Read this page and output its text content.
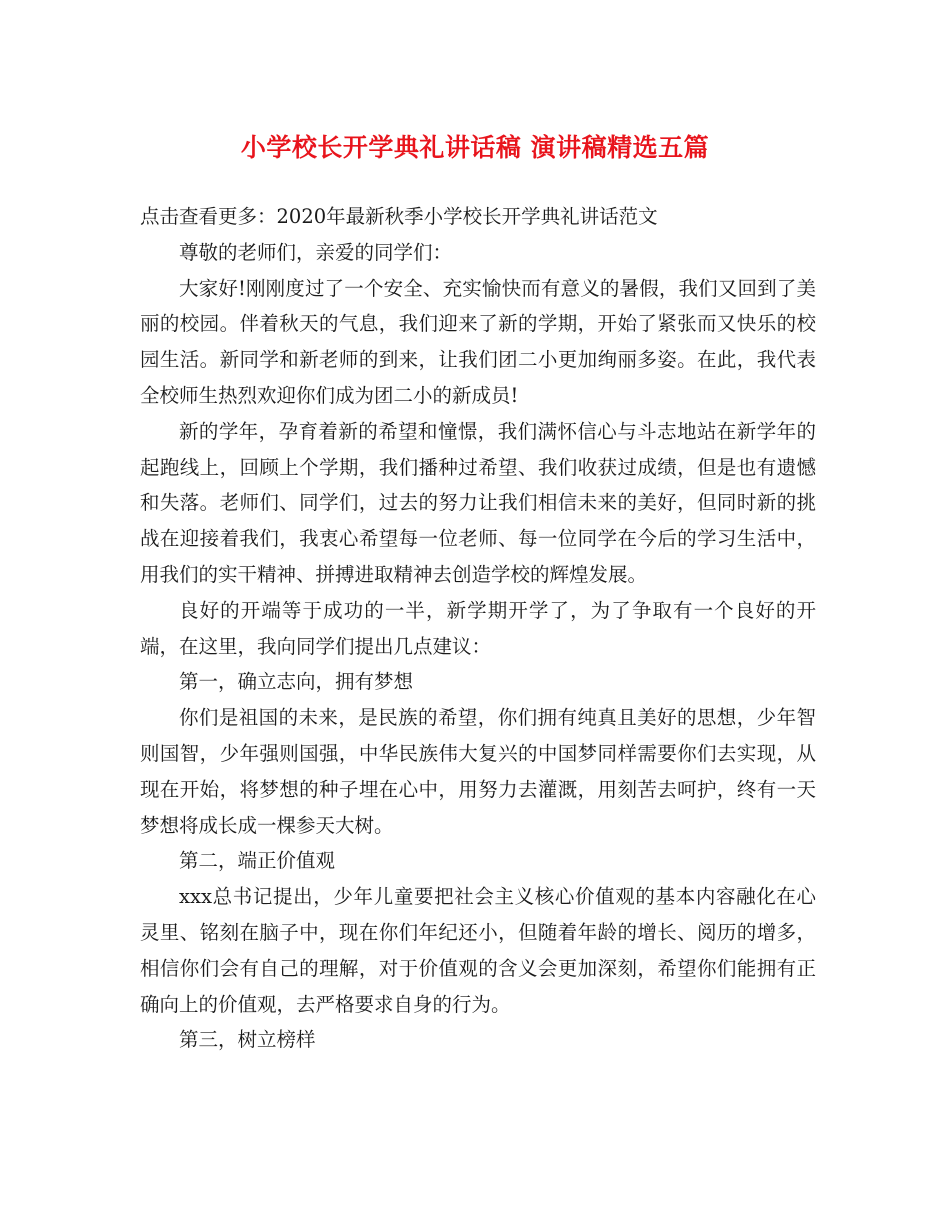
小学校长开学典礼讲话稿 演讲稿精选五篇

点击查看更多：2020年最新秋季小学校长开学典礼讲话范文

尊敬的老师们，亲爱的同学们：

大家好!刚刚度过了一个安全、充实愉快而有意义的暑假，我们又回到了美丽的校园。伴着秋天的气息，我们迎来了新的学期，开始了紧张而又快乐的校园生活。新同学和新老师的到来，让我们团二小更加绚丽多姿。在此，我代表全校师生热烈欢迎你们成为团二小的新成员!

新的学年，孕育着新的希望和憧憬，我们满怀信心与斗志地站在新学年的起跑线上，回顾上个学期，我们播种过希望、我们收获过成绩，但是也有遗憾和失落。老师们、同学们，过去的努力让我们相信未来的美好，但同时新的挑战在迎接着我们，我衷心希望每一位老师、每一位同学在今后的学习生活中，用我们的实干精神、拼搏进取精神去创造学校的辉煌发展。

良好的开端等于成功的一半，新学期开学了，为了争取有一个良好的开端，在这里，我向同学们提出几点建议：

第一，确立志向，拥有梦想

你们是祖国的未来，是民族的希望，你们拥有纯真且美好的思想，少年智则国智，少年强则国强，中华民族伟大复兴的中国梦同样需要你们去实现，从现在开始，将梦想的种子埋在心中，用努力去灌溉，用刻苦去呵护，终有一天梦想将成长成一棵参天大树。

第二，端正价值观

xxx总书记提出，少年儿童要把社会主义核心价值观的基本内容融化在心灵里、铭刻在脑子中，现在你们年纪还小，但随着年龄的增长、阅历的增多，相信你们会有自己的理解，对于价值观的含义会更加深刻，希望你们能拥有正确向上的价值观，去严格要求自身的行为。

第三，树立榜样
